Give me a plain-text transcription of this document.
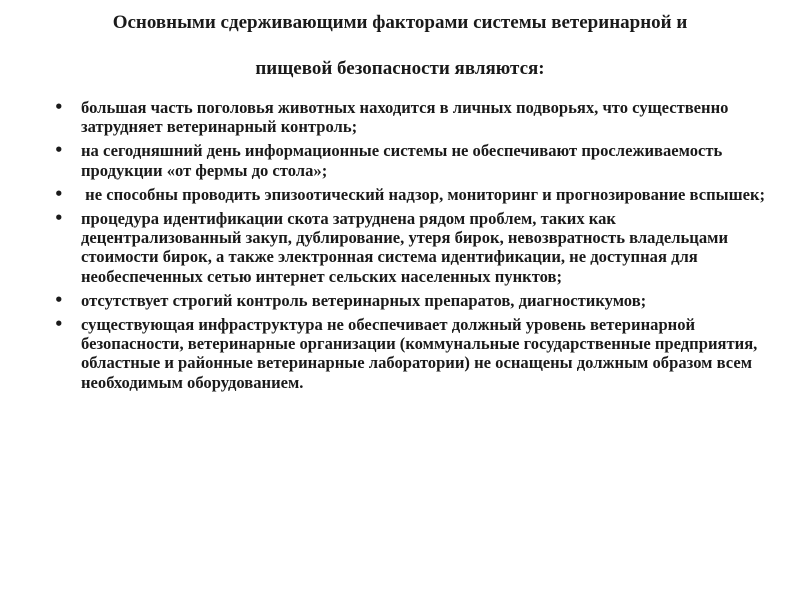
Основными сдерживающими факторами системы ветеринарной и
пищевой безопасности являются:
• большая часть поголовья животных находится в личных подворьях, что существенно затрудняет ветеринарный контроль;
• на сегодняшний день информационные системы не обеспечивают прослеживаемость продукции «от фермы до стола»;
• не способны проводить эпизоотический надзор, мониторинг и прогнозирование вспышек;
• процедура идентификации скота затруднена рядом проблем, таких как децентрализованный закуп, дублирование, утеря бирок, невозвратность владельцами стоимости бирок, а также электронная система идентификации, не доступная для необеспеченных сетью интернет сельских населенных пунктов;
• отсутствует строгий контроль ветеринарных препаратов, диагностикумов;
• существующая инфраструктура не обеспечивает должный уровень ветеринарной безопасности, ветеринарные организации (коммунальные государственные предприятия, областные и районные ветеринарные лаборатории) не оснащены должным образом всем необходимым оборудованием.
